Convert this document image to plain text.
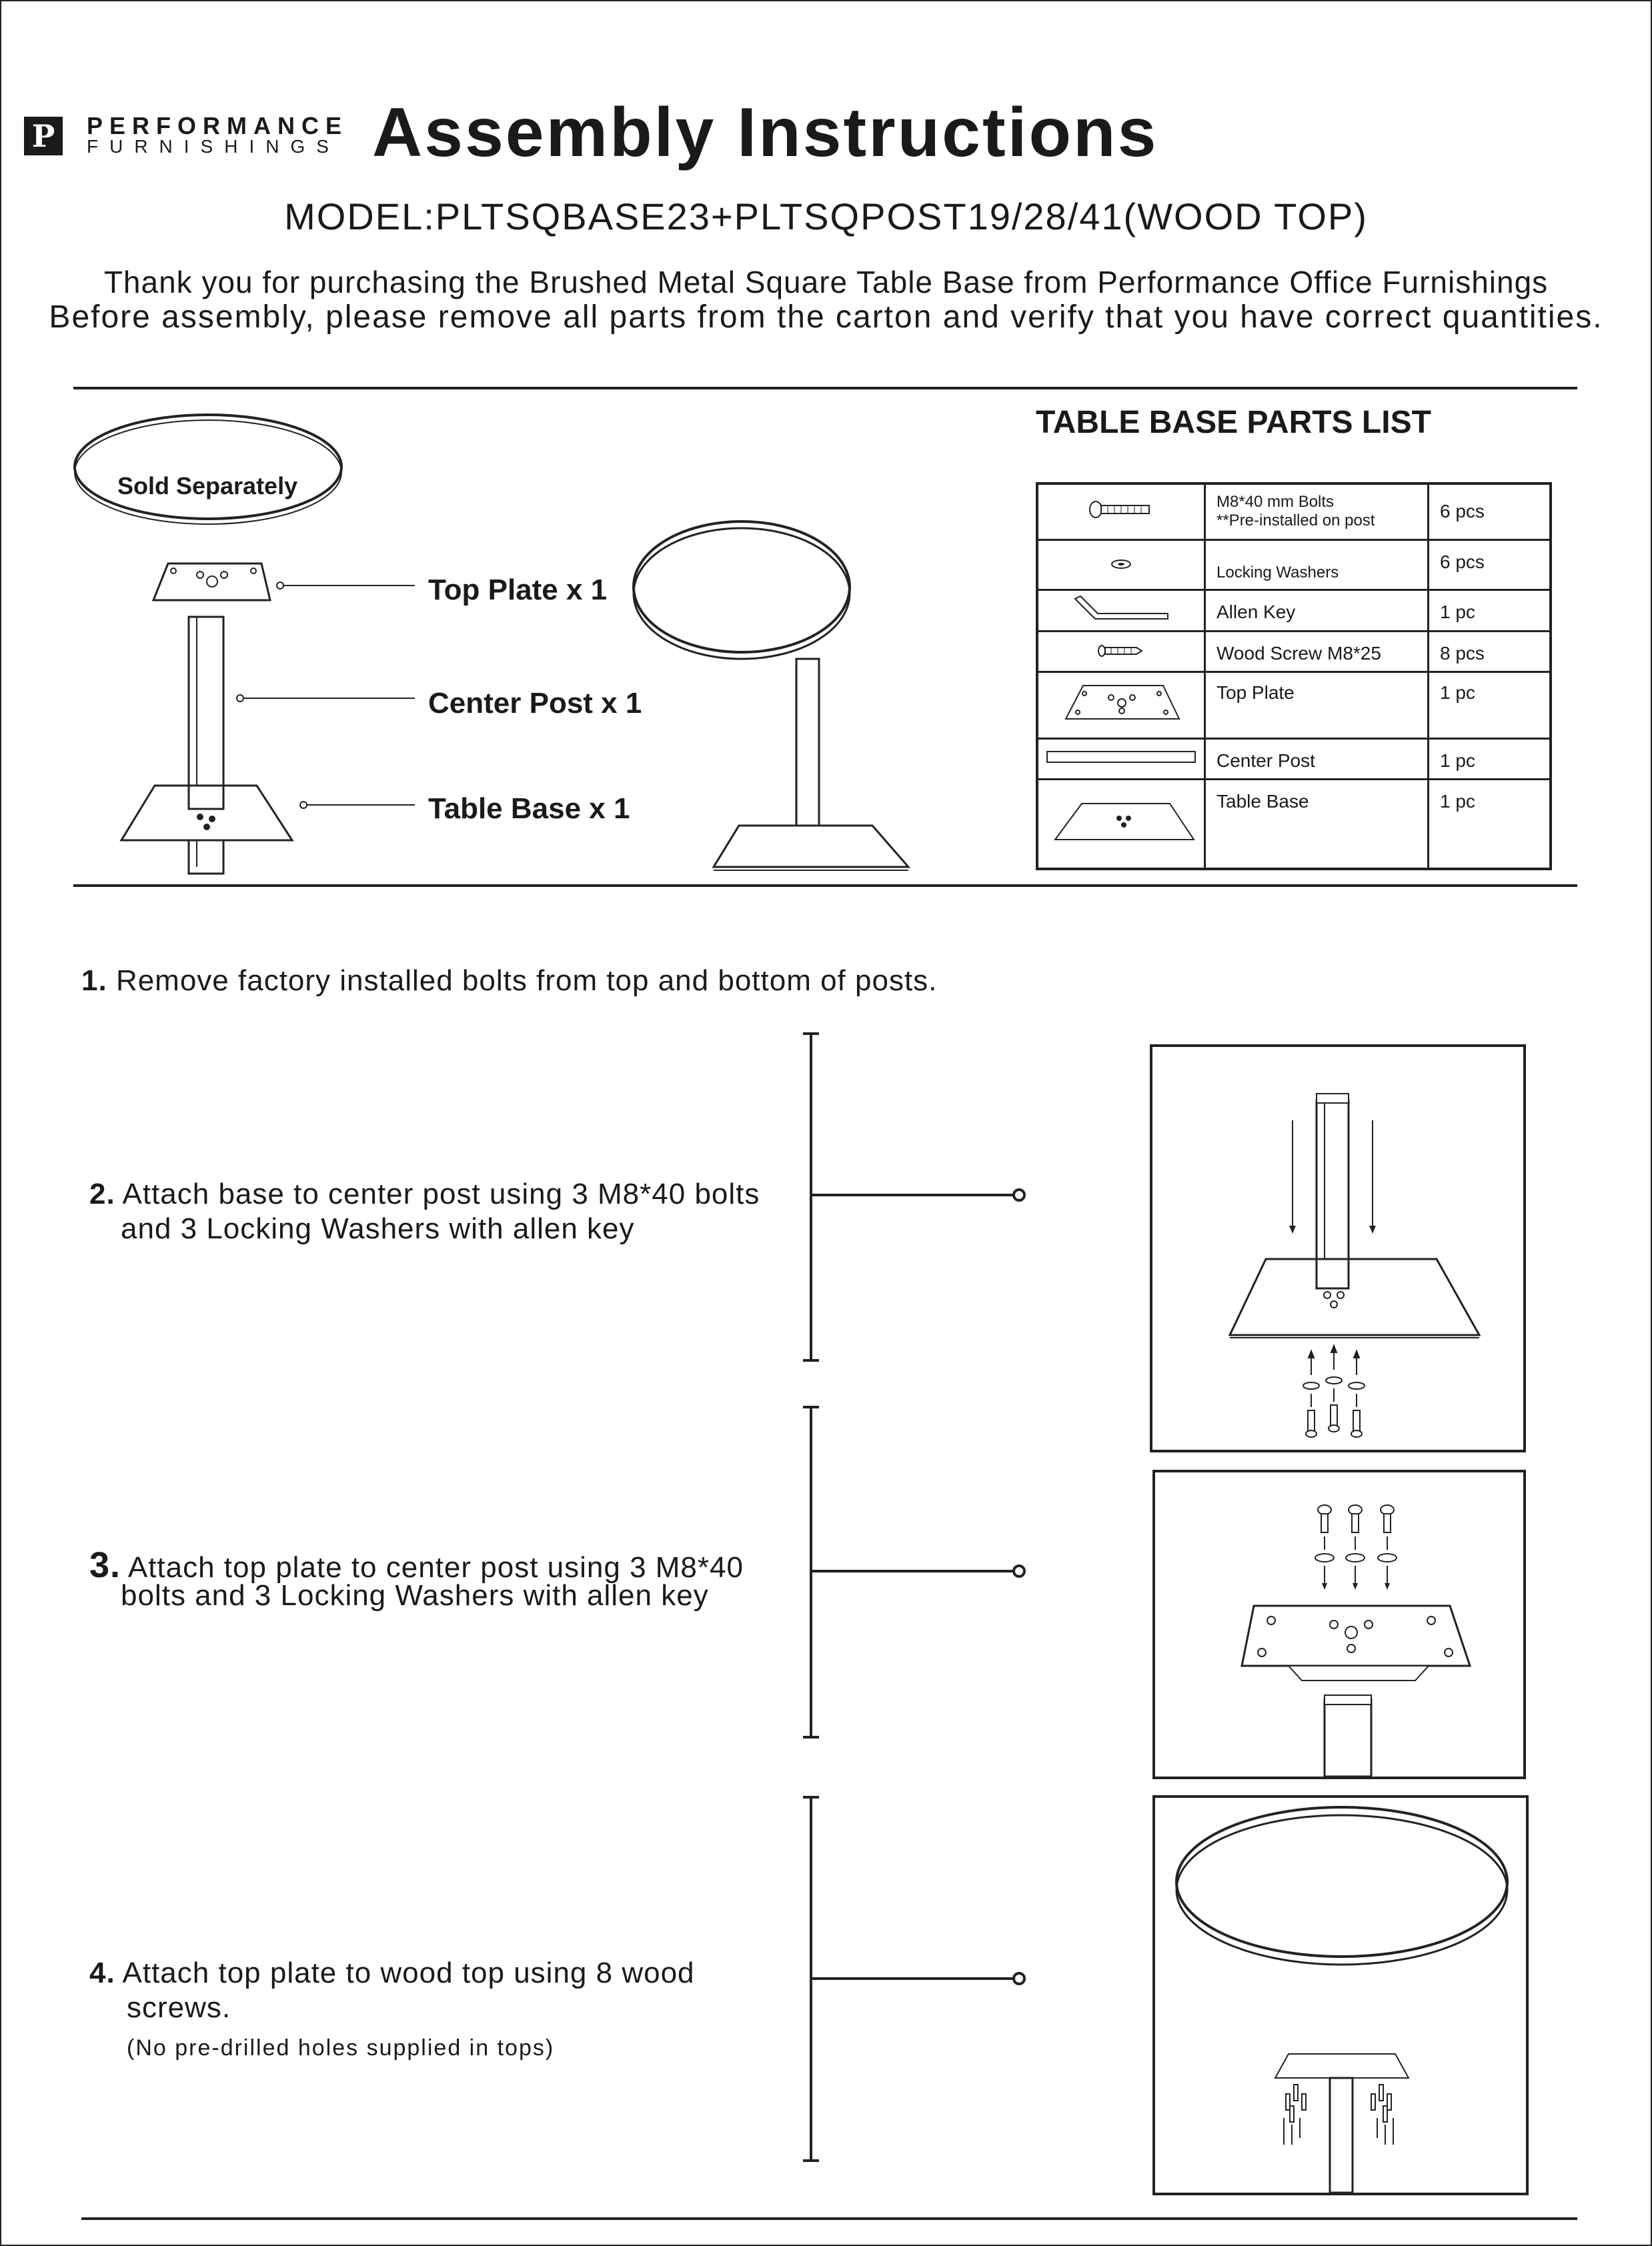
P	PERFORMANCE
FURNISHINGS Assembly Instructions
MODEL:PLTSQBASE23+PLTSQPOST19/28/41(WOOD TOP)
Thank you for purchasing the Brushed Metal Square Table Base from Performance Office Furnishings
Before assembly, please remove all parts from the carton and verify that you have correct quantities.
Sold Separately
Top Plate x 1
Center Post x 1
Table Base x 1
TABLE BASE PARTS LIST
	M8*40 mm Bolts
**Pre-installed on post	6 pcs
	Locking Washers	6 pcs
	Allen Key	1 pc
	Wood Screw M8*25	8 pcs
	Top Plate	1 pc
	Center Post	1 pc
	Table Base	1 pc
1. Remove factory installed bolts from top and bottom of posts.
2. Attach base to center post using 3 M8*40 bolts
and 3 Locking Washers with allen key
3. Attach top plate to center post using 3 M8*40
bolts and 3 Locking Washers with allen key
4. Attach top plate to wood top using 8 wood
screws.
(No pre-drilled holes supplied in tops)
